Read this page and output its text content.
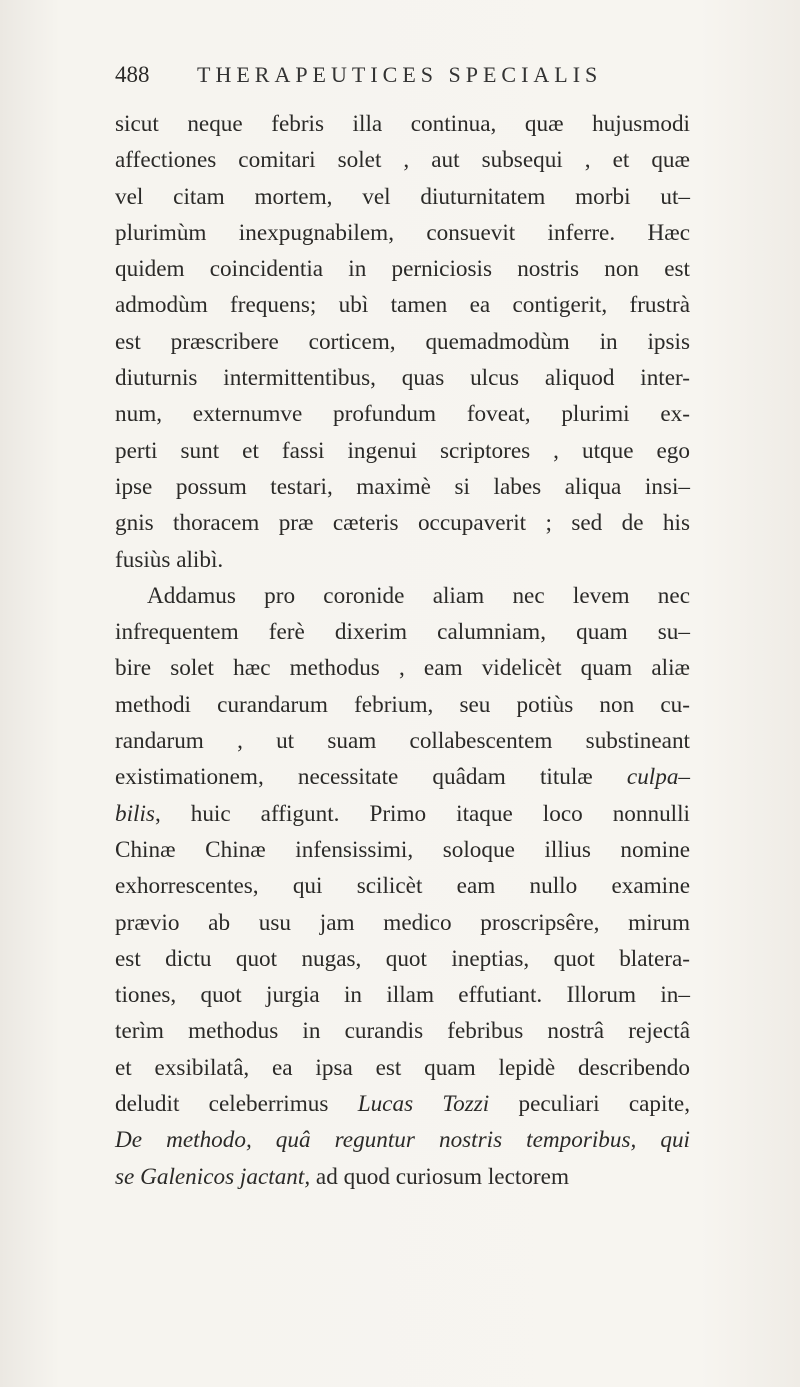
488 THERAPEUTICES SPECIALIS
sicut neque febris illa continua, quæ hujusmodi
affectiones comitari solet , aut subsequi , et quæ
vel citam mortem, vel diuturnitatem morbi ut–
plurimùm inexpugnabilem, consuevit inferre. Hæc
quidem coincidentia in perniciosis nostris non est
admodùm frequens; ubì tamen ea contigerit, frustrà
est præscribere corticem, quemadmodùm in ipsis
diuturnis intermittentibus, quas ulcus aliquod inter-
num, externumve profundum foveat, plurimi ex-
perti sunt et fassi ingenui scriptores , utque ego
ipse possum testari, maximè si labes aliqua insi–
gnis thoracem præ cæteris occupaverit ; sed de his
fusiùs alibì.
Addamus pro coronide aliam nec levem nec
infrequentem ferè dixerim calumniam, quam su–
bire solet hæc methodus , eam videlicèt quam aliæ
methodi curandarum febrium, seu potiùs non cu-
randarum , ut suam collabescentem substineant
existimationem, necessitate quâdam titulæ culpa–
bilis, huic affigunt. Primo itaque loco nonnulli
Chinæ Chinæ infensissimi, soloque illius nomine
exhorrescentes, qui scilicèt eam nullo examine
prævio ab usu jam medico proscripsêre, mirum
est dictu quot nugas, quot ineptias, quot blatera-
tiones, quot jurgia in illam effutiant. Illorum in–
terìm methodus in curandis febribus nostrâ rejectâ
et exsibilatâ, ea ipsa est quam lepidè describendo
deludit celeberrimus Lucas Tozzi peculiari capite,
De methodo, quâ reguntur nostris temporibus, qui
se Galenicos jactant, ad quod curiosum lectorem
